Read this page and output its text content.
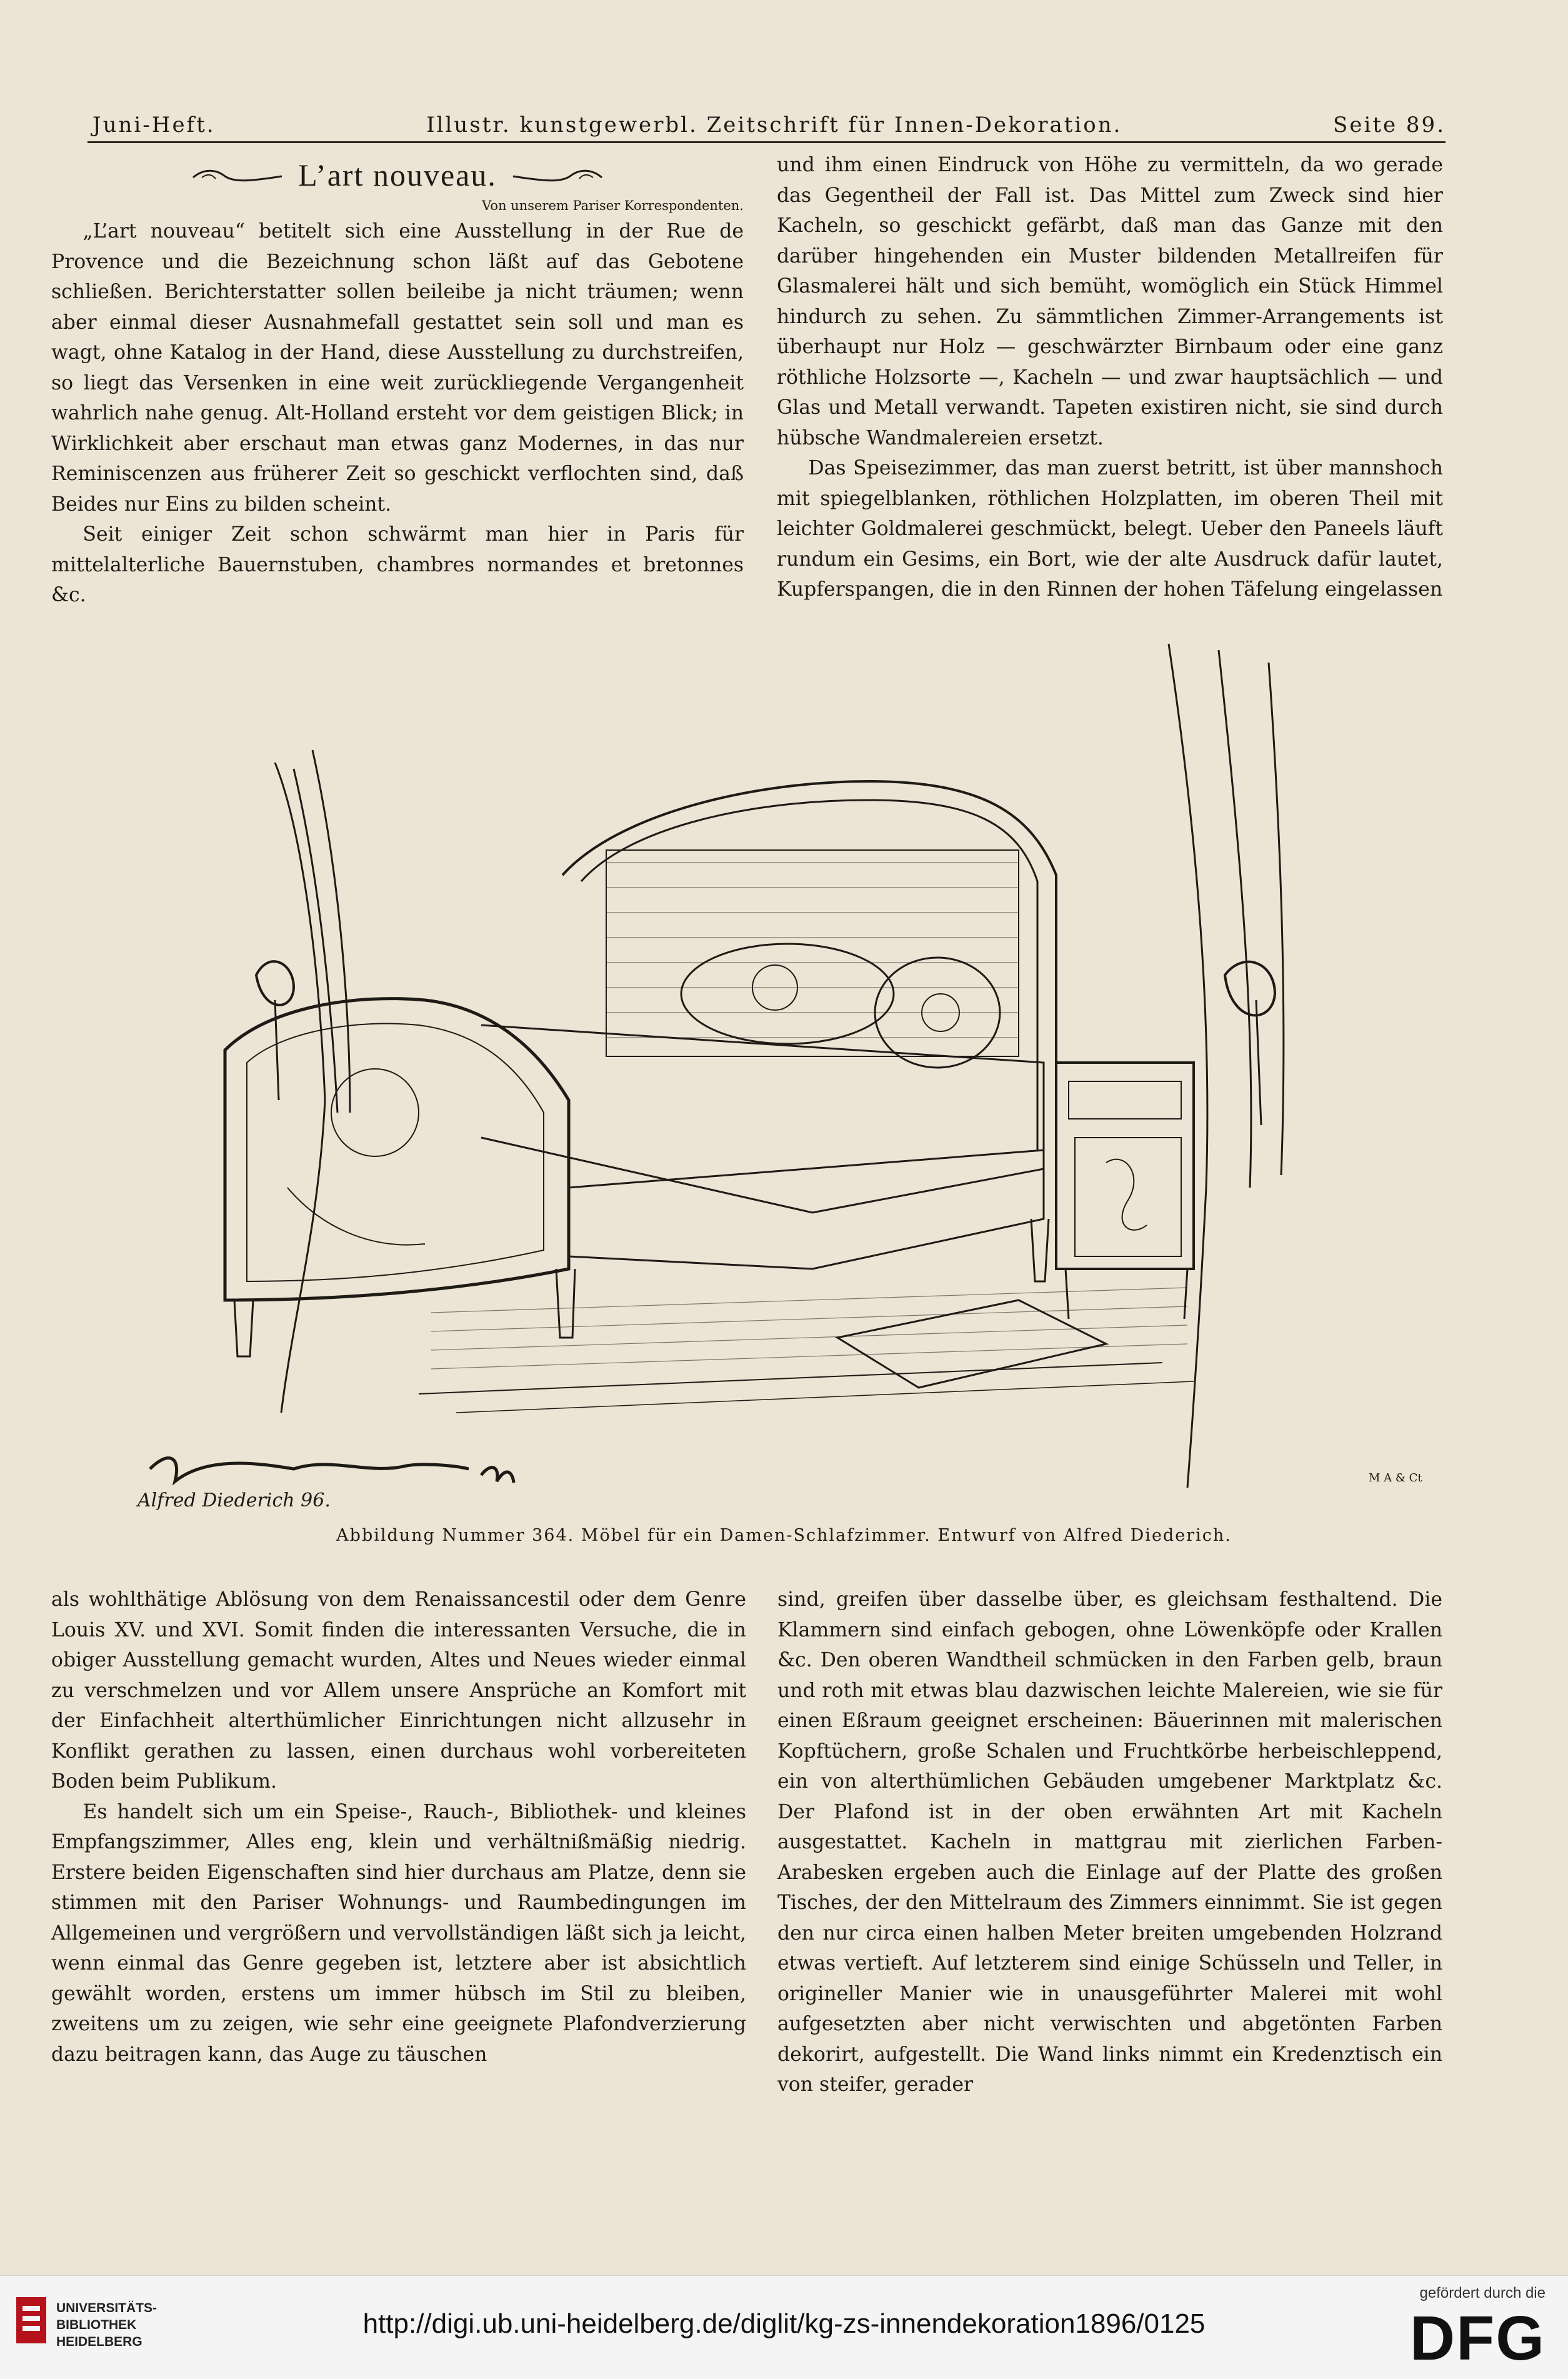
Juni-Heft.	Illustr. kunstgewerbl. Zeitschrift für Innen-Dekoration.	Seite 89.
L’art nouveau.

Von unserem Pariser Korrespondenten.

„L’art nouveau“ betitelt sich eine Ausstellung in der Rue de Provence und die Bezeichnung schon läßt auf das Gebotene schließen. Berichterstatter sollen beileibe ja nicht träumen; wenn aber einmal dieser Ausnahmefall gestattet sein soll und man es wagt, ohne Katalog in der Hand, diese Ausstellung zu durchstreifen, so liegt das Versenken in eine weit zurückliegende Vergangenheit wahrlich nahe genug. Alt-Holland ersteht vor dem geistigen Blick; in Wirklichkeit aber erschaut man etwas ganz Modernes, in das nur Reminiscenzen aus früherer Zeit so geschickt verflochten sind, daß Beides nur Eins zu bilden scheint.

Seit einiger Zeit schon schwärmt man hier in Paris für mittelalterliche Bauernstuben, chambres normandes et bretonnes &c.

und ihm einen Eindruck von Höhe zu vermitteln, da wo gerade das Gegentheil der Fall ist. Das Mittel zum Zweck sind hier Kacheln, so geschickt gefärbt, daß man das Ganze mit den darüber hingehenden ein Muster bildenden Metallreifen für Glasmalerei hält und sich bemüht, womöglich ein Stück Himmel hindurch zu sehen. Zu sämmtlichen Zimmer-Arrangements ist überhaupt nur Holz — geschwärzter Birnbaum oder eine ganz röthliche Holzsorte —, Kacheln — und zwar hauptsächlich — und Glas und Metall verwandt. Tapeten existiren nicht, sie sind durch hübsche Wandmalereien ersetzt.

Das Speisezimmer, das man zuerst betritt, ist über mannshoch mit spiegelblanken, röthlichen Holzplatten, im oberen Theil mit leichter Goldmalerei geschmückt, belegt. Ueber den Paneels läuft rundum ein Gesims, ein Bort, wie der alte Ausdruck dafür lautet, Kupferspangen, die in den Rinnen der hohen Täfelung eingelassen

Alfred Diederich 96.
M A & Ct
Abbildung Nummer 364. Möbel für ein Damen-Schlafzimmer. Entwurf von Alfred Diederich.

als wohlthätige Ablösung von dem Renaissancestil oder dem Genre Louis XV. und XVI. Somit finden die interessanten Versuche, die in obiger Ausstellung gemacht wurden, Altes und Neues wieder einmal zu verschmelzen und vor Allem unsere Ansprüche an Komfort mit der Einfachheit alterthümlicher Einrichtungen nicht allzusehr in Konflikt gerathen zu lassen, einen durchaus wohl vorbereiteten Boden beim Publikum.

Es handelt sich um ein Speise-, Rauch-, Bibliothek- und kleines Empfangszimmer, Alles eng, klein und verhältnißmäßig niedrig. Erstere beiden Eigenschaften sind hier durchaus am Platze, denn sie stimmen mit den Pariser Wohnungs- und Raumbedingungen im Allgemeinen und vergrößern und vervollständigen läßt sich ja leicht, wenn einmal das Genre gegeben ist, letztere aber ist absichtlich gewählt worden, erstens um immer hübsch im Stil zu bleiben, zweitens um zu zeigen, wie sehr eine geeignete Plafondverzierung dazu beitragen kann, das Auge zu täuschen

sind, greifen über dasselbe über, es gleichsam festhaltend. Die Klammern sind einfach gebogen, ohne Löwenköpfe oder Krallen &c. Den oberen Wandtheil schmücken in den Farben gelb, braun und roth mit etwas blau dazwischen leichte Malereien, wie sie für einen Eßraum geeignet erscheinen: Bäuerinnen mit malerischen Kopftüchern, große Schalen und Fruchtkörbe herbeischleppend, ein von alterthümlichen Gebäuden umgebener Marktplatz &c. Der Plafond ist in der oben erwähnten Art mit Kacheln ausgestattet. Kacheln in mattgrau mit zierlichen Farben-Arabesken ergeben auch die Einlage auf der Platte des großen Tisches, der den Mittelraum des Zimmers einnimmt. Sie ist gegen den nur circa einen halben Meter breiten umgebenden Holzrand etwas vertieft. Auf letzterem sind einige Schüsseln und Teller, in origineller Manier wie in unausgeführter Malerei mit wohl aufgesetzten aber nicht verwischten und abgetönten Farben dekorirt, aufgestellt. Die Wand links nimmt ein Kredenztisch ein von steifer, gerader

UNIVERSITÄTS-
BIBLIOTHEK
HEIDELBERG
http://digi.ub.uni-heidelberg.de/diglit/kg-zs-innendekoration1896/0125
gefördert durch die
DFG
